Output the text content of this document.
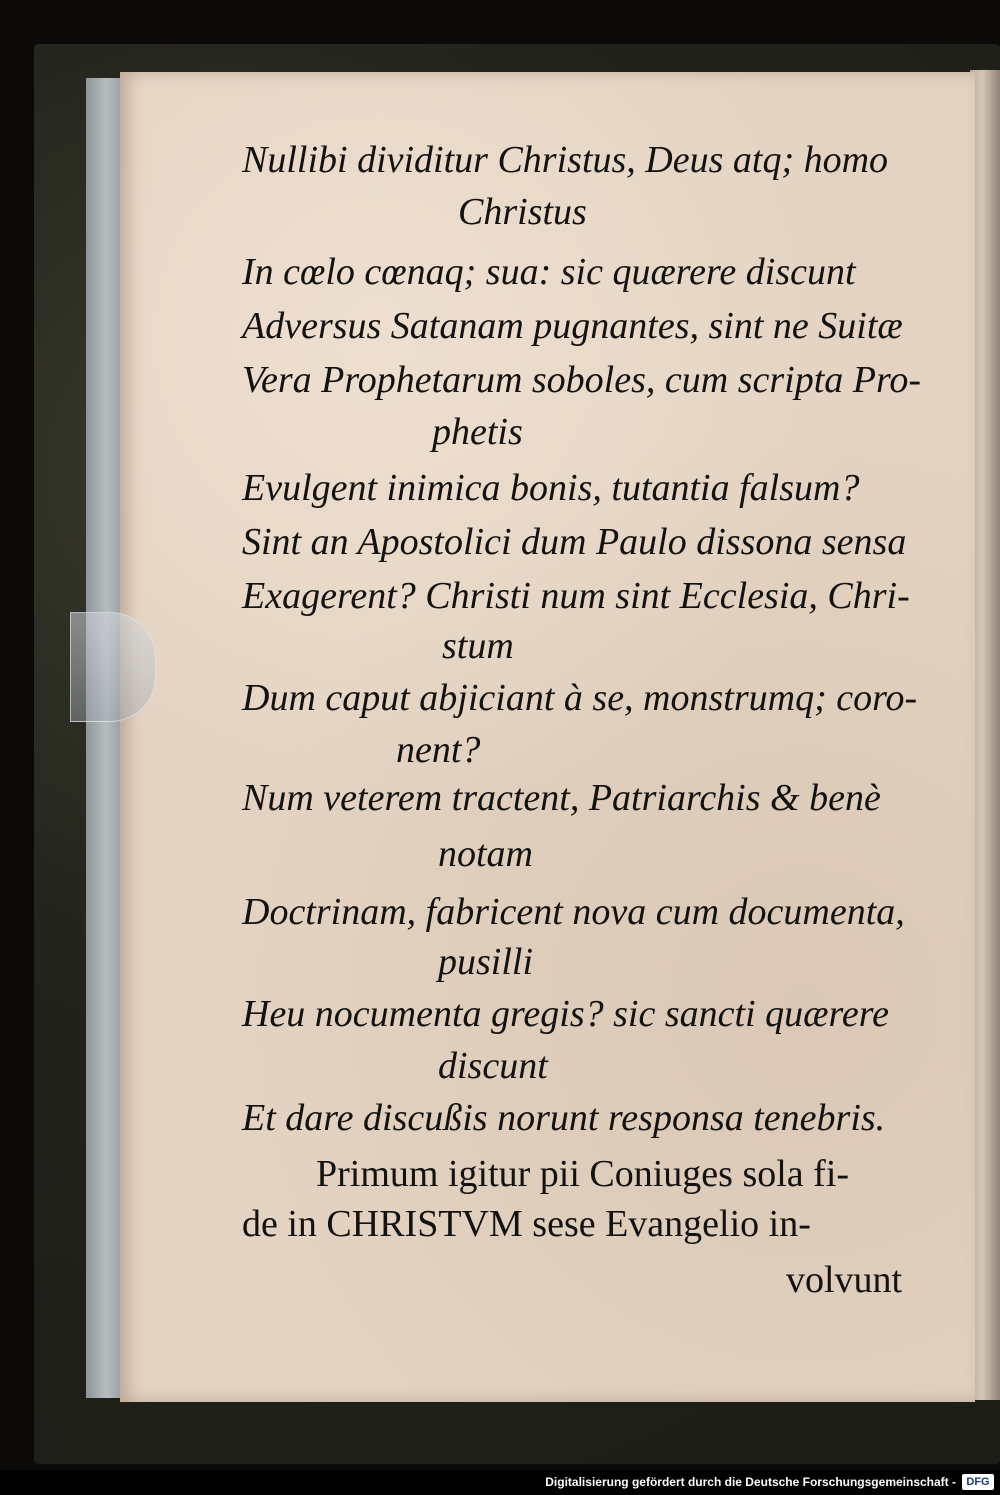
Nullibi dividitur Christus, Deus atq; homo
Christus
In cœlo cœnaq; sua: sic quærere discunt
Adversus Satanam pugnantes, sint ne Suitæ
Vera Prophetarum soboles, cum scripta Pro-
phetis
Evulgent inimica bonis, tutantia falsum?
Sint an Apostolici dum Paulo dissona sensa
Exagerent? Christi num sint Ecclesia, Chri-
stum
Dum caput abjiciant à se, monstrumq; coro-
nent?
Num veterem tractent, Patriarchis & benè
notam
Doctrinam, fabricent nova cum documenta,
pusilli
Heu nocumenta gregis? sic sancti quærere
discunt
Et dare discußis norunt responsa tenebris.
Primum igitur pii Coniuges sola fi-
de in CHRISTVM sese Evangelio in-
volvunt
Digitalisierung gefördert durch die Deutsche Forschungsgemeinschaft - DFG
